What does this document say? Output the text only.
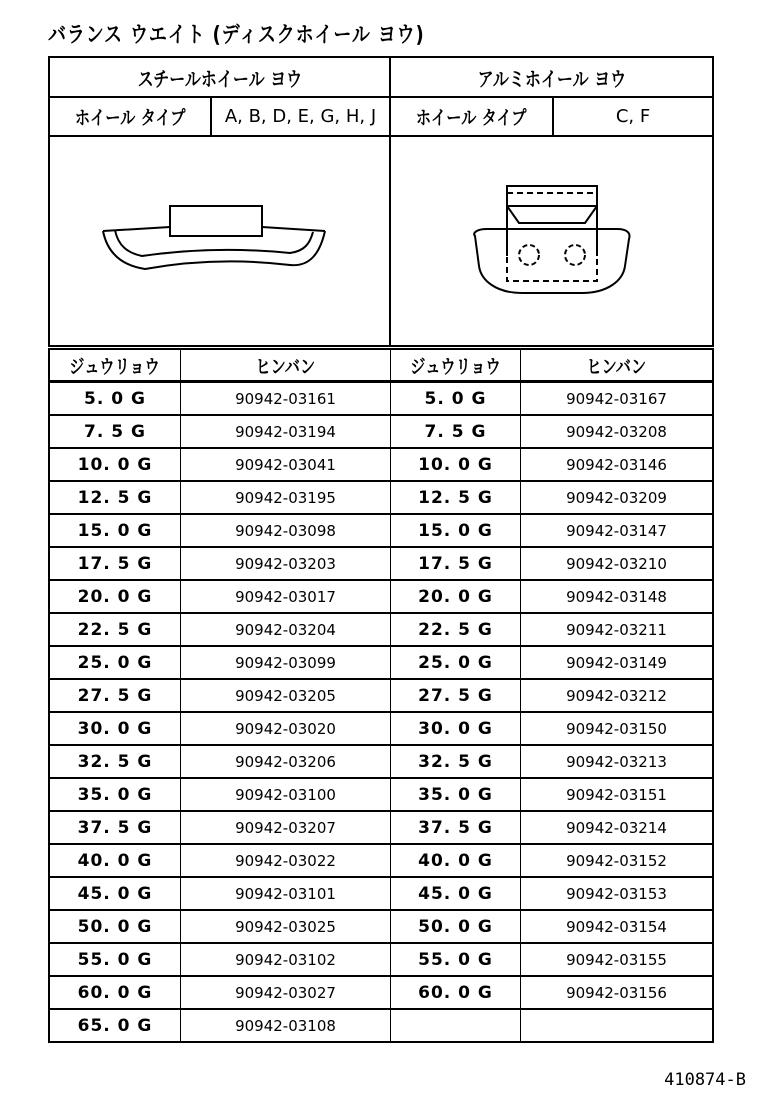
バランス ウエイト (ディスクホイール ヨウ)
スチールホイール ヨウ		アルミホイール ヨウ	
ホイール タイプ	A, B, D, E, G, H, J	ホイール タイプ	C, F

ジュウリョウ	ヒンバン	ジュウリョウ	ヒンバン
5. 0 G	90942-03161	5. 0 G	90942-03167
7. 5 G	90942-03194	7. 5 G	90942-03208
10. 0 G	90942-03041	10. 0 G	90942-03146
12. 5 G	90942-03195	12. 5 G	90942-03209
15. 0 G	90942-03098	15. 0 G	90942-03147
17. 5 G	90942-03203	17. 5 G	90942-03210
20. 0 G	90942-03017	20. 0 G	90942-03148
22. 5 G	90942-03204	22. 5 G	90942-03211
25. 0 G	90942-03099	25. 0 G	90942-03149
27. 5 G	90942-03205	27. 5 G	90942-03212
30. 0 G	90942-03020	30. 0 G	90942-03150
32. 5 G	90942-03206	32. 5 G	90942-03213
35. 0 G	90942-03100	35. 0 G	90942-03151
37. 5 G	90942-03207	37. 5 G	90942-03214
40. 0 G	90942-03022	40. 0 G	90942-03152
45. 0 G	90942-03101	45. 0 G	90942-03153
50. 0 G	90942-03025	50. 0 G	90942-03154
55. 0 G	90942-03102	55. 0 G	90942-03155
60. 0 G	90942-03027	60. 0 G	90942-03156
65. 0 G	90942-03108		
410874-B
